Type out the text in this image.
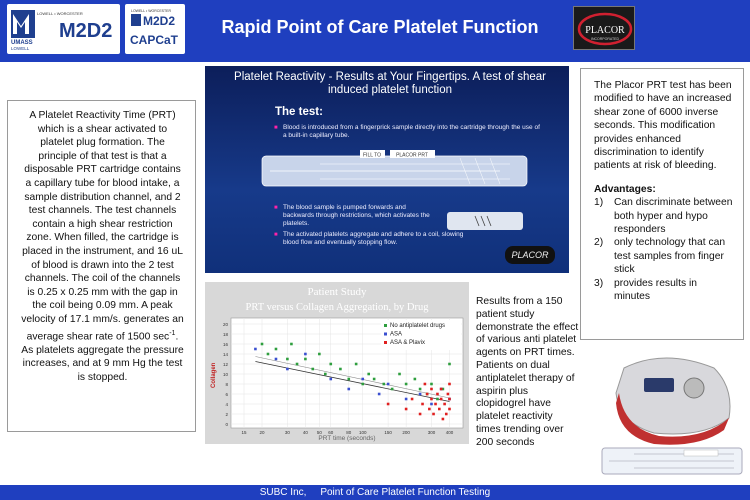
LOWELL • WORCESTER
M2D2
UMASS
LOWELL
LOWELL • WORCESTER
M2D2
CAPCaT
PLACOR
INCORPORATED
Rapid Point of Care Platelet Function
A Platelet Reactivity Time (PRT) which is a shear activated to platelet plug formation. The principle of that test is that a disposable PRT cartridge contains a capillary tube for blood intake, a sample distribution channel, and 2 test channels. The test channels contain a high shear restriction zone. When filled, the cartridge is placed in the instrument, and 16 uL of blood is drawn into the 2 test channels. The coil of the channels is 0.25 x 0.25 mm with the gap in the coil being 0.09 mm. A peak velocity of 17.1 mm/s. generates an average shear rate of 1500 $\sec^{-1}$. As platelets aggregate the pressure increases, and at 9 mm Hg the test is stopped.
Platelet Reactivity - Results at Your Fingertips. A test of shear induced platelet function
The test:
■ Blood is introduced from a fingerprick sample directly into the cartridge through the use of a built-in capillary tube.
PLACOR PRT
FILL TO
■ The blood sample is pumped forwards and backwards through restrictions, which activates the platelets.
■ The activated platelets aggregate and adhere to a coil, slowing blood flow and eventually stopping flow.
PLACOR
Patient Study
PRT versus Collagen Aggregation, by Drug
20
18
16
14
12
10
8
6
4
2
0
15	20	30	40 50 60	80 100	150 200	300 400
Collagen
PRT time (seconds)
No antiplatelet drugs
ASA
ASA & Plavix
Results from a 150 patient study demonstrate the effect of various anti platelet agents on PRT times. Patients on dual antiplatelet therapy of aspirin plus clopidogrel have platelet reactivity times trending over 200 seconds
The Placor PRT test has been modified to have an increased shear zone of 6000 inverse seconds. This modification provides enhanced discrimination to identify patients at risk of bleeding.
Advantages:
1) Can discriminate between both hyper and hypo responders
2) only technology that can test samples from finger stick
3) provides results in minutes
SUBC Inc,     Point of Care Platelet Function Testing
